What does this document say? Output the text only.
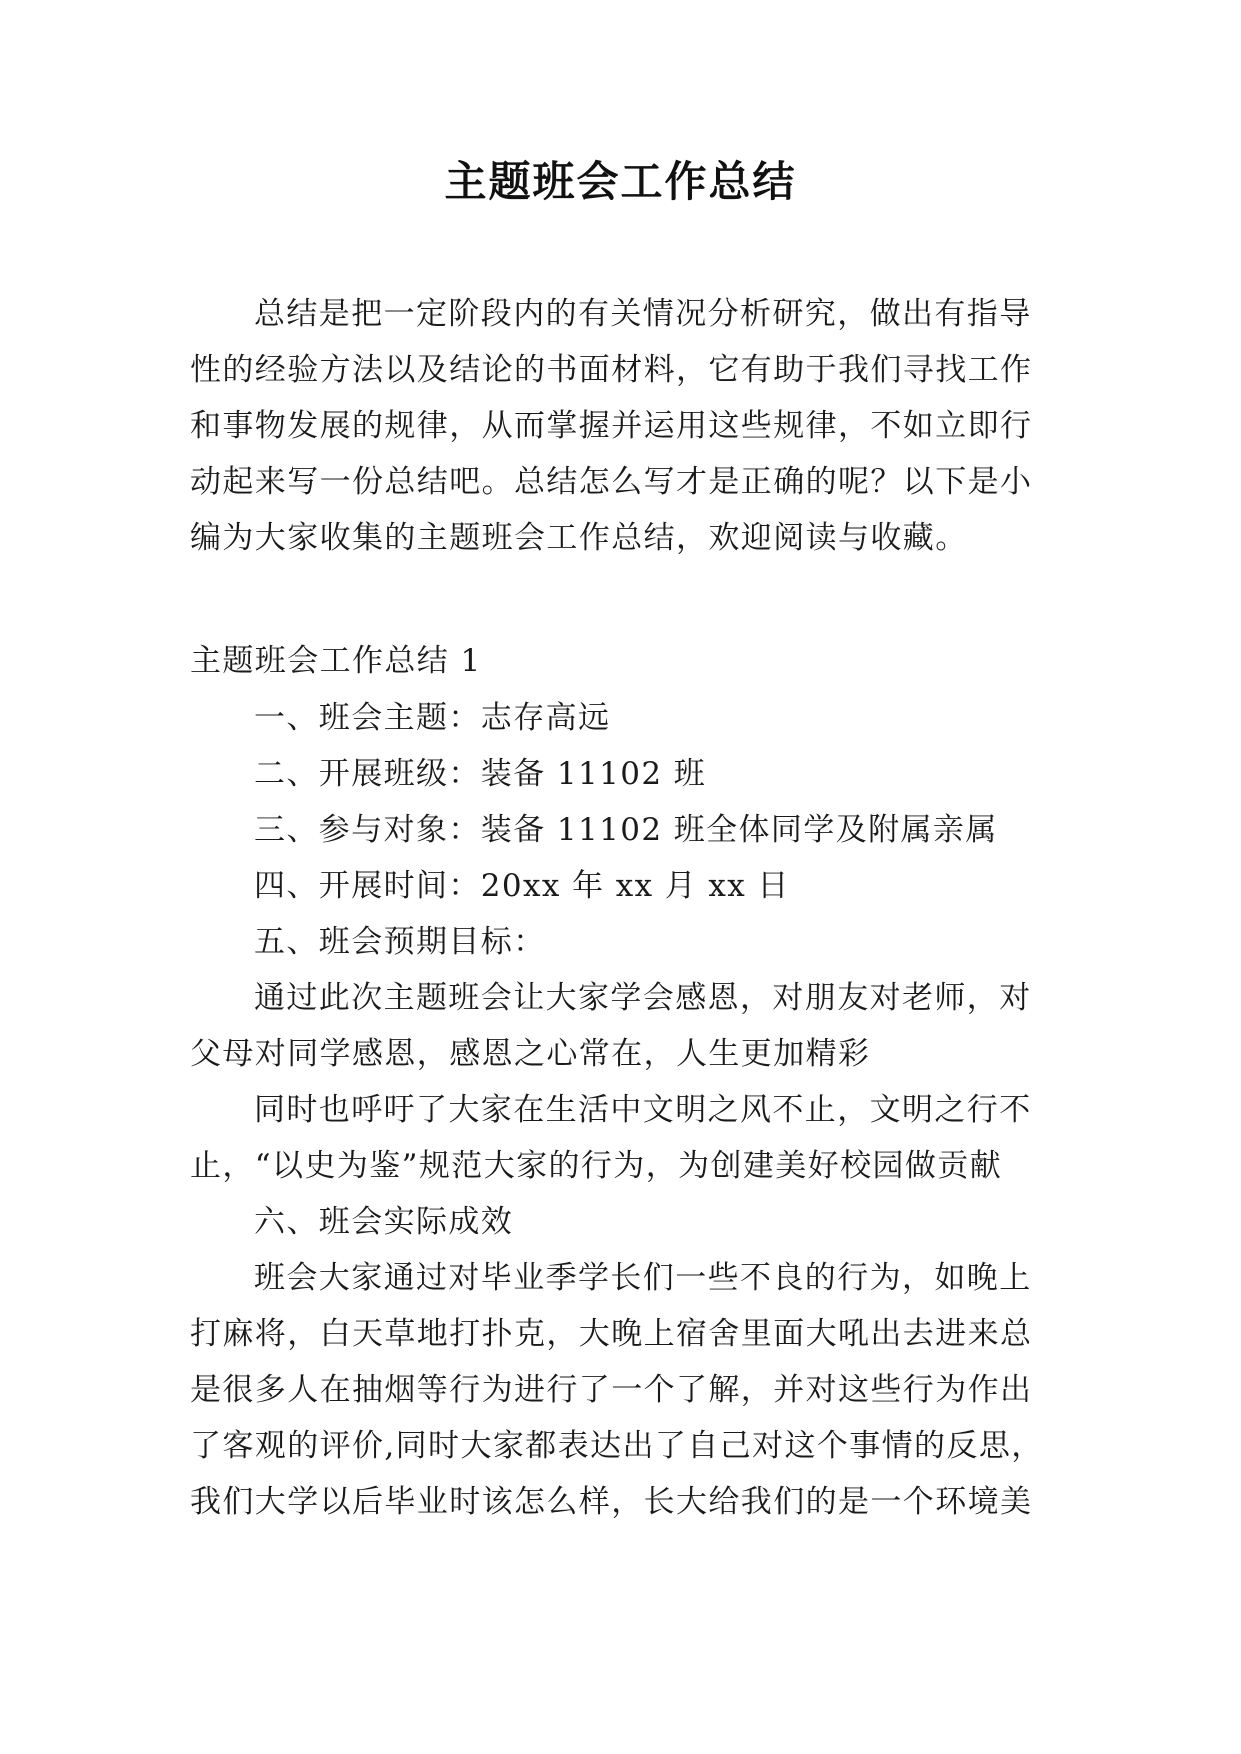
主题班会工作总结
总结是把一定阶段内的有关情况分析研究，做出有指导
性的经验方法以及结论的书面材料，它有助于我们寻找工作
和事物发展的规律，从而掌握并运用这些规律，不如立即行
动起来写一份总结吧。总结怎么写才是正确的呢？以下是小
编为大家收集的主题班会工作总结，欢迎阅读与收藏。
主题班会工作总结 1
一、班会主题：志存高远
二、开展班级：装备 11102 班
三、参与对象：装备 11102 班全体同学及附属亲属
四、开展时间：20xx 年 xx 月 xx 日
五、班会预期目标：
通过此次主题班会让大家学会感恩，对朋友对老师，对
父母对同学感恩，感恩之心常在，人生更加精彩
同时也呼吁了大家在生活中文明之风不止，文明之行不
止，“以史为鉴”规范大家的行为，为创建美好校园做贡献
六、班会实际成效
班会大家通过对毕业季学长们一些不良的行为，如晚上
打麻将，白天草地打扑克，大晚上宿舍里面大吼出去进来总
是很多人在抽烟等行为进行了一个了解，并对这些行为作出
了客观的评价,同时大家都表达出了自己对这个事情的反思，
我们大学以后毕业时该怎么样，长大给我们的是一个环境美
